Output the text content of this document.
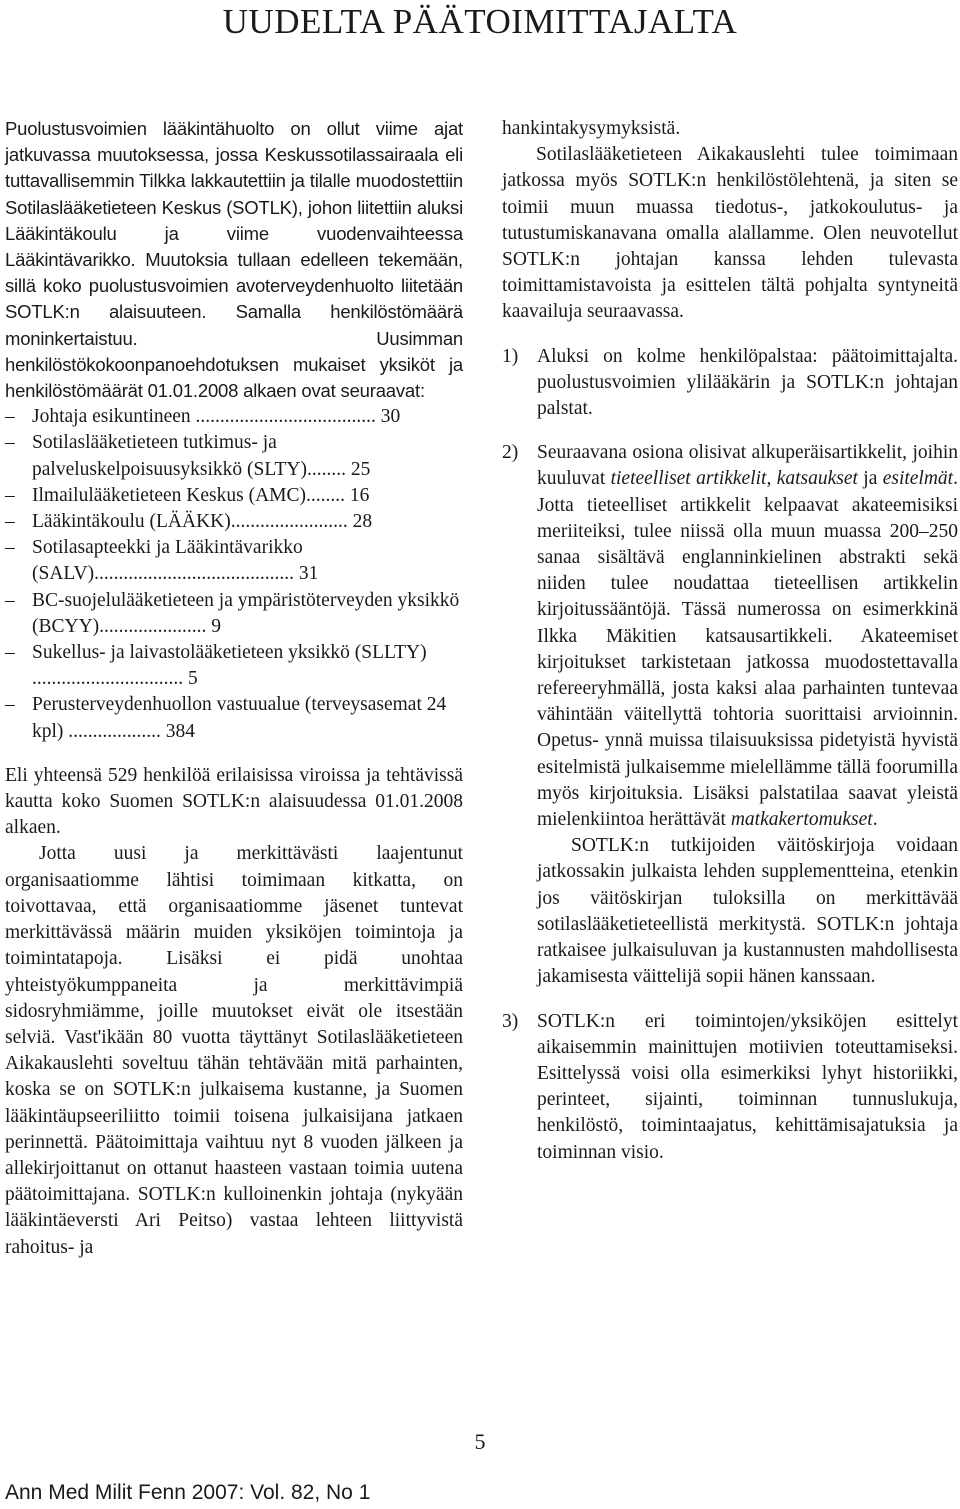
UUDELTA PÄÄTOIMITTAJALTA

Puolustusvoimien lääkintähuolto on ollut viime ajat jatkuvassa muutoksessa, jossa Keskussotilassairaala eli tuttavallisemmin Tilkka lakkautettiin ja tilalle muodostettiin Sotilaslääketieteen Keskus (SOTLK), johon liitettiin aluksi Lääkintäkoulu ja viime vuodenvaihteessa Lääkintävarikko. Muutoksia tullaan edelleen tekemään, sillä koko puolustusvoimien avoterveydenhuolto liitetään SOTLK:n alaisuuteen. Samalla henkilöstömäärä moninkertaistuu. Uusimman henkilöstökokoonpanoehdotuksen mukaiset yksiköt ja henkilöstömäärät 01.01.2008 alkaen ovat seuraavat:

– Johtaja esikuntineen ..................................... 30
– Sotilaslääketieteen tutkimus- ja palveluskelpoisuusyksikkö (SLTY)........ 25
– Ilmailulääketieteen Keskus (AMC)........ 16
– Lääkintäkoulu (LÄÄKK)........................ 28
– Sotilasapteekki ja Lääkintävarikko (SALV)......................................... 31
– BC-suojelulääketieteen ja ympäristöterveyden yksikkö (BCYY)...................... 9
– Sukellus- ja laivastolääketieteen yksikkö (SLLTY) ............................... 5
– Perusterveydenhuollon vastuualue (terveysasemat 24 kpl) ................... 384

Eli yhteensä 529 henkilöä erilaisissa viroissa ja tehtävissä kautta koko Suomen SOTLK:n alaisuudessa 01.01.2008 alkaen.

Jotta uusi ja merkittävästi laajentunut organisaatiomme lähtisi toimimaan kitkatta, on toivottavaa, että organisaatiomme jäsenet tuntevat merkittävässä määrin muiden yksiköjen toimintoja ja toimintatapoja. Lisäksi ei pidä unohtaa yhteistyökumppaneita ja merkittävimpiä sidosryhmiämme, joille muutokset eivät ole itsestään selviä. Vast'ikään 80 vuotta täyttänyt Sotilaslääketieteen Aikakauslehti soveltuu tähän tehtävään mitä parhainten, koska se on SOTLK:n julkaisema kustanne, ja Suomen lääkintäupseeriliitto toimii toisena julkaisijana jatkaen perinnettä. Päätoimittaja vaihtuu nyt 8 vuoden jälkeen ja allekirjoittanut on ottanut haasteen vastaan toimia uutena päätoimittajana. SOTLK:n kulloinenkin johtaja (nykyään lääkintäeversti Ari Peitso) vastaa lehteen liittyvistä rahoitus- ja

hankintakysymyksistä.

Sotilaslääketieteen Aikakauslehti tulee toimimaan jatkossa myös SOTLK:n henkilöstölehtenä, ja siten se toimii muun muassa tiedotus-, jatkokoulutus- ja tutustumiskanavana omalla alallamme. Olen neuvotellut SOTLK:n johtajan kanssa lehden tulevasta toimittamistavoista ja esittelen tältä pohjalta syntyneitä kaavailuja seuraavassa.

1) Aluksi on kolme henkilöpalstaa: päätoimittajalta. puolustusvoimien ylilääkärin ja SOTLK:n johtajan palstat.
2) Seuraavana osiona olisivat alkuperäisartikkelit, joihin kuuluvat tieteelliset artikkelit, katsaukset ja esitelmät. Jotta tieteelliset artikkelit kelpaavat akateemisiksi meriiteiksi, tulee niissä olla muun muassa 200–250 sanaa sisältävä englanninkielinen abstrakti sekä niiden tulee noudattaa tieteellisen artikkelin kirjoitussääntöjä. Tässä numerossa on esimerkkinä Ilkka Mäkitien katsausartikkeli. Akateemiset kirjoitukset tarkistetaan jatkossa muodostettavalla refereeryhmällä, josta kaksi alaa parhainten tuntevaa vähintään väitellyttä tohtoria suorittaisi arvioinnin. Opetus- ynnä muissa tilaisuuksissa pidetyistä hyvistä esitelmistä julkaisemme mielellämme tällä foorumilla myös kirjoituksia. Lisäksi palstatilaa saavat yleistä mielenkiintoa herättävät matkakertomukset.

SOTLK:n tutkijoiden väitöskirjoja voidaan jatkossakin julkaista lehden supplementteina, etenkin jos väitöskirjan tuloksilla on merkittävää sotilaslääketieteellistä merkitystä. SOTLK:n johtaja ratkaisee julkaisuluvan ja kustannusten mahdollisesta jakamisesta väittelijä sopii hänen kanssaan.

3) SOTLK:n eri toimintojen/yksiköjen esittelyt aikaisemmin mainittujen motiivien toteuttamiseksi. Esittelyssä voisi olla esimerkiksi lyhyt historiikki, perinteet, sijainti, toiminnan tunnuslukuja, henkilöstö, toimintaajatus, kehittämisajatuksia ja toiminnan visio.
5
Ann Med Milit Fenn 2007: Vol. 82, No 1
